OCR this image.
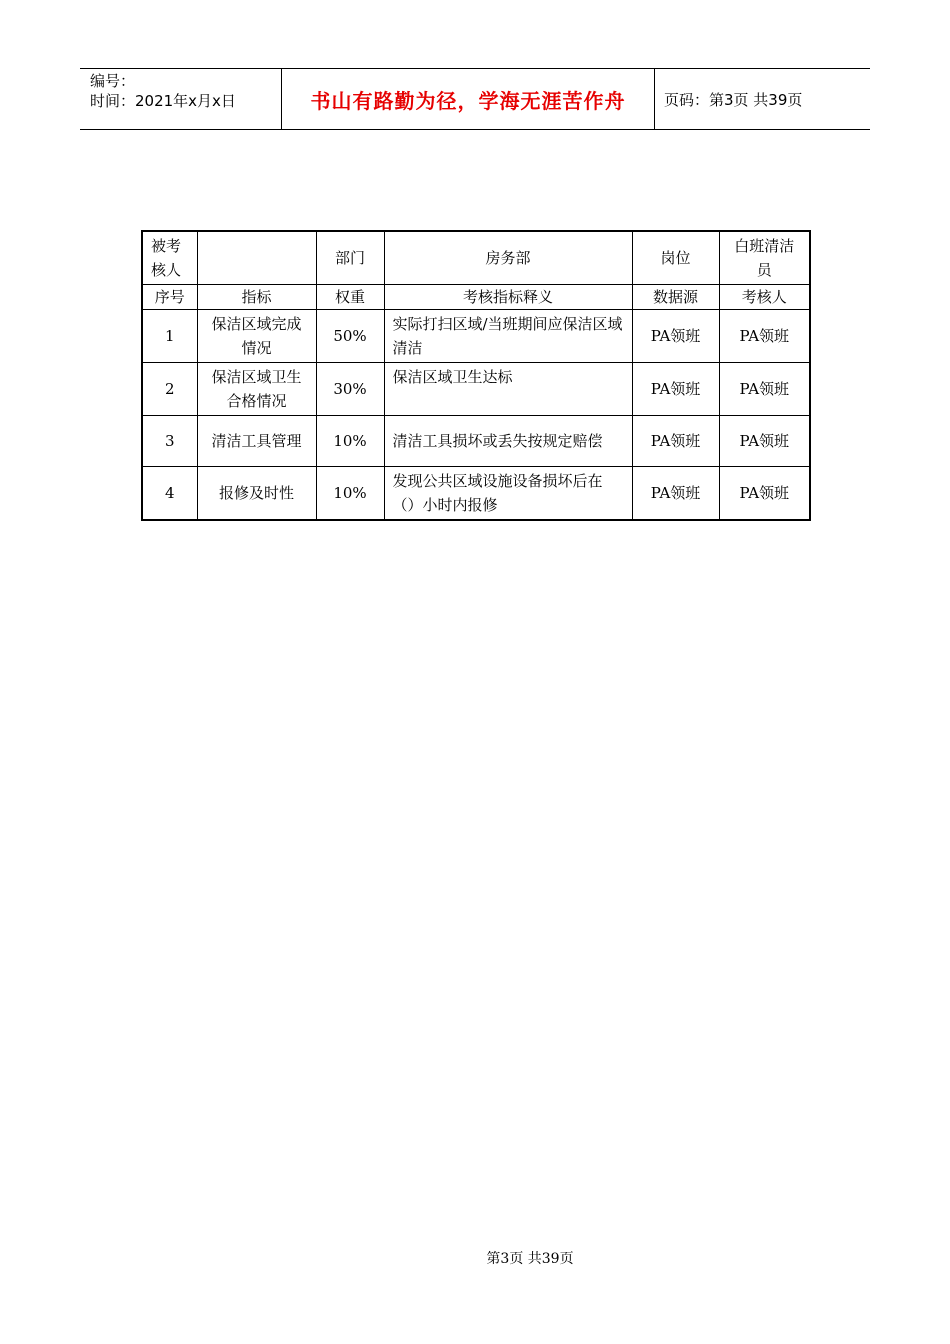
编号：
时间：2021年x月x日	书山有路勤为径，学海无涯苦作舟	页码：第3页 共39页
被考核人		部门	房务部	岗位	白班清洁员
序号	指标	权重	考核指标释义	数据源	考核人
1	保洁区域完成情况	50%	实际打扫区域/当班期间应保洁区域清洁	PA领班	PA领班
2	保洁区域卫生合格情况	30%	保洁区域卫生达标	PA领班	PA领班
3	清洁工具管理	10%	清洁工具损坏或丢失按规定赔偿	PA领班	PA领班
4	报修及时性	10%	发现公共区域设施设备损坏后在（）小时内报修	PA领班	PA领班
第3页 共39页
